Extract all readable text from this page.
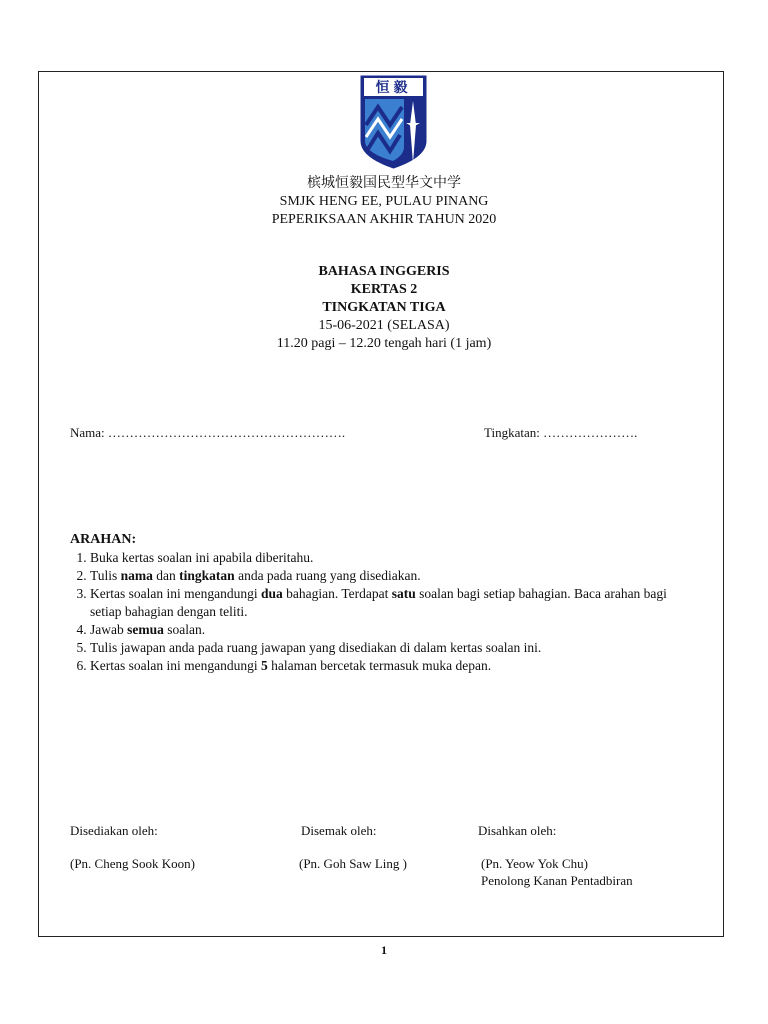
恒毅
槟城恒毅国民型华文中学
SMJK HENG EE, PULAU PINANG
PEPERIKSAAN AKHIR TAHUN 2020
BAHASA INGGERIS
KERTAS 2
TINGKATAN TIGA
15-06-2021 (SELASA)
11.20 pagi – 12.20 tengah hari (1 jam)
Nama: ……………………………………………….	Tingkatan: ………………….
ARAHAN:
1. Buka kertas soalan ini apabila diberitahu.
2. Tulis nama dan tingkatan anda pada ruang yang disediakan.
3. Kertas soalan ini mengandungi dua bahagian. Terdapat satu soalan bagi setiap bahagian. Baca arahan bagi setiap bahagian dengan teliti.
4. Jawab semua soalan.
5. Tulis jawapan anda pada ruang jawapan yang disediakan di dalam kertas soalan ini.
6. Kertas soalan ini mengandungi 5 halaman bercetak termasuk muka depan.
Disediakan oleh:
(Pn. Cheng Sook Koon)
Disemak oleh:
(Pn. Goh Saw Ling )
Disahkan oleh:
(Pn. Yeow Yok Chu)
Penolong Kanan Pentadbiran
1
